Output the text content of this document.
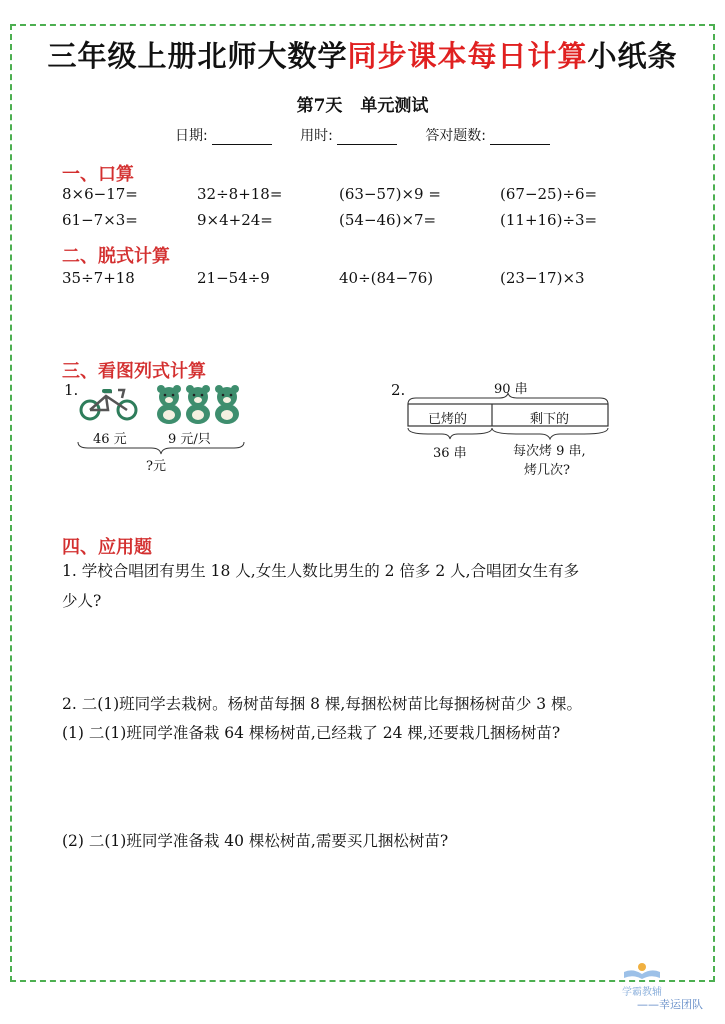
三年级上册北师大数学同步课本每日计算小纸条
第7天 单元测试
日期:	用时:	答对题数:
一、口算
8×6−17=	32÷8+18=	(63−57)×9 =	(67−25)÷6=
61−7×3=	9×4+24=	(54−46)×7=	(11+16)÷3=
二、脱式计算
35÷7+18	21−54÷9	40÷(84−76)	(23−17)×3
三、看图列式计算
1.
46 元	9 元/只
?元
2.	90 串
已烤的	剩下的
36 串	每次烤 9 串,
烤几次?
四、应用题
1. 学校合唱团有男生 18 人,女生人数比男生的 2 倍多 2 人,合唱团女生有多
少人?
2. 二(1)班同学去栽树。杨树苗每捆 8 棵,每捆松树苗比每捆杨树苗少 3 棵。
(1) 二(1)班同学准备栽 64 棵杨树苗,已经栽了 24 棵,还要栽几捆杨树苗?
(2) 二(1)班同学准备栽 40 棵松树苗,需要买几捆松树苗?
学霸教辅
——幸运团队
